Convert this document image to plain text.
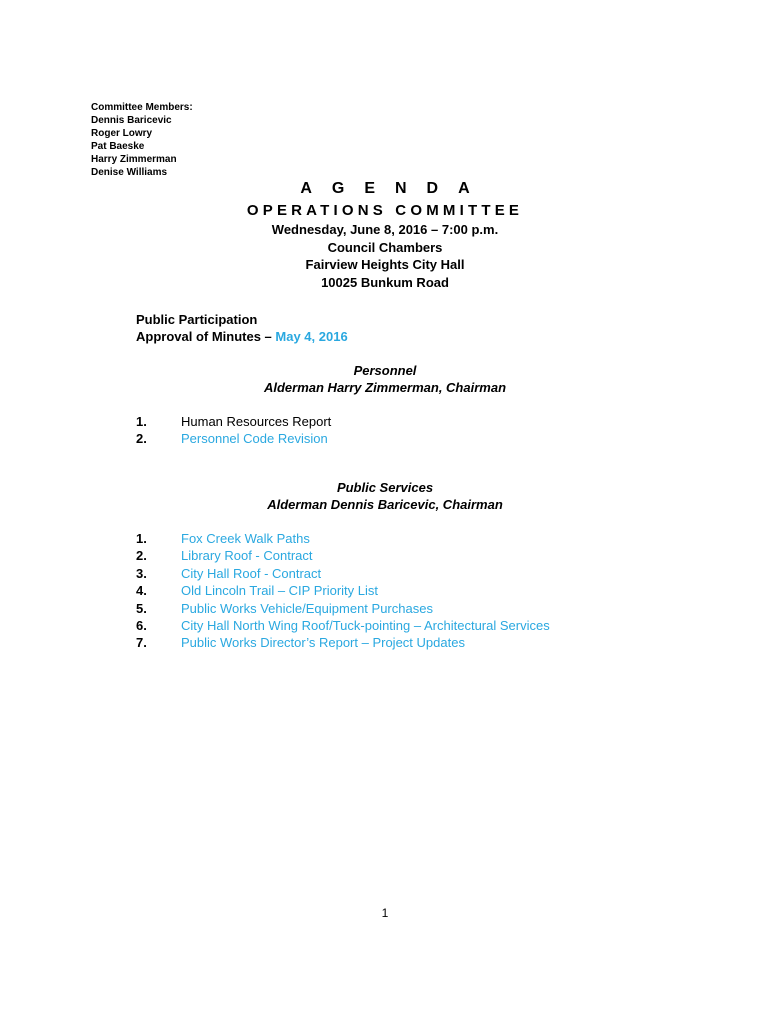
Committee Members:
Dennis Baricevic
Roger Lowry
Pat Baeske
Harry Zimmerman
Denise Williams
AGENDA
OPERATIONS COMMITTEE
Wednesday, June 8, 2016 – 7:00 p.m.
Council Chambers
Fairview Heights City Hall
10025 Bunkum Road
Public Participation
Approval of Minutes – May 4, 2016
Personnel
Alderman Harry Zimmerman, Chairman
1.	Human Resources Report
2.	Personnel Code Revision
Public Services
Alderman Dennis Baricevic, Chairman
1.	Fox Creek Walk Paths
2.	Library Roof - Contract
3.	City Hall Roof - Contract
4.	Old Lincoln Trail – CIP Priority List
5.	Public Works Vehicle/Equipment Purchases
6.	City Hall North Wing Roof/Tuck-pointing – Architectural Services
7.	Public Works Director’s Report – Project Updates
1
